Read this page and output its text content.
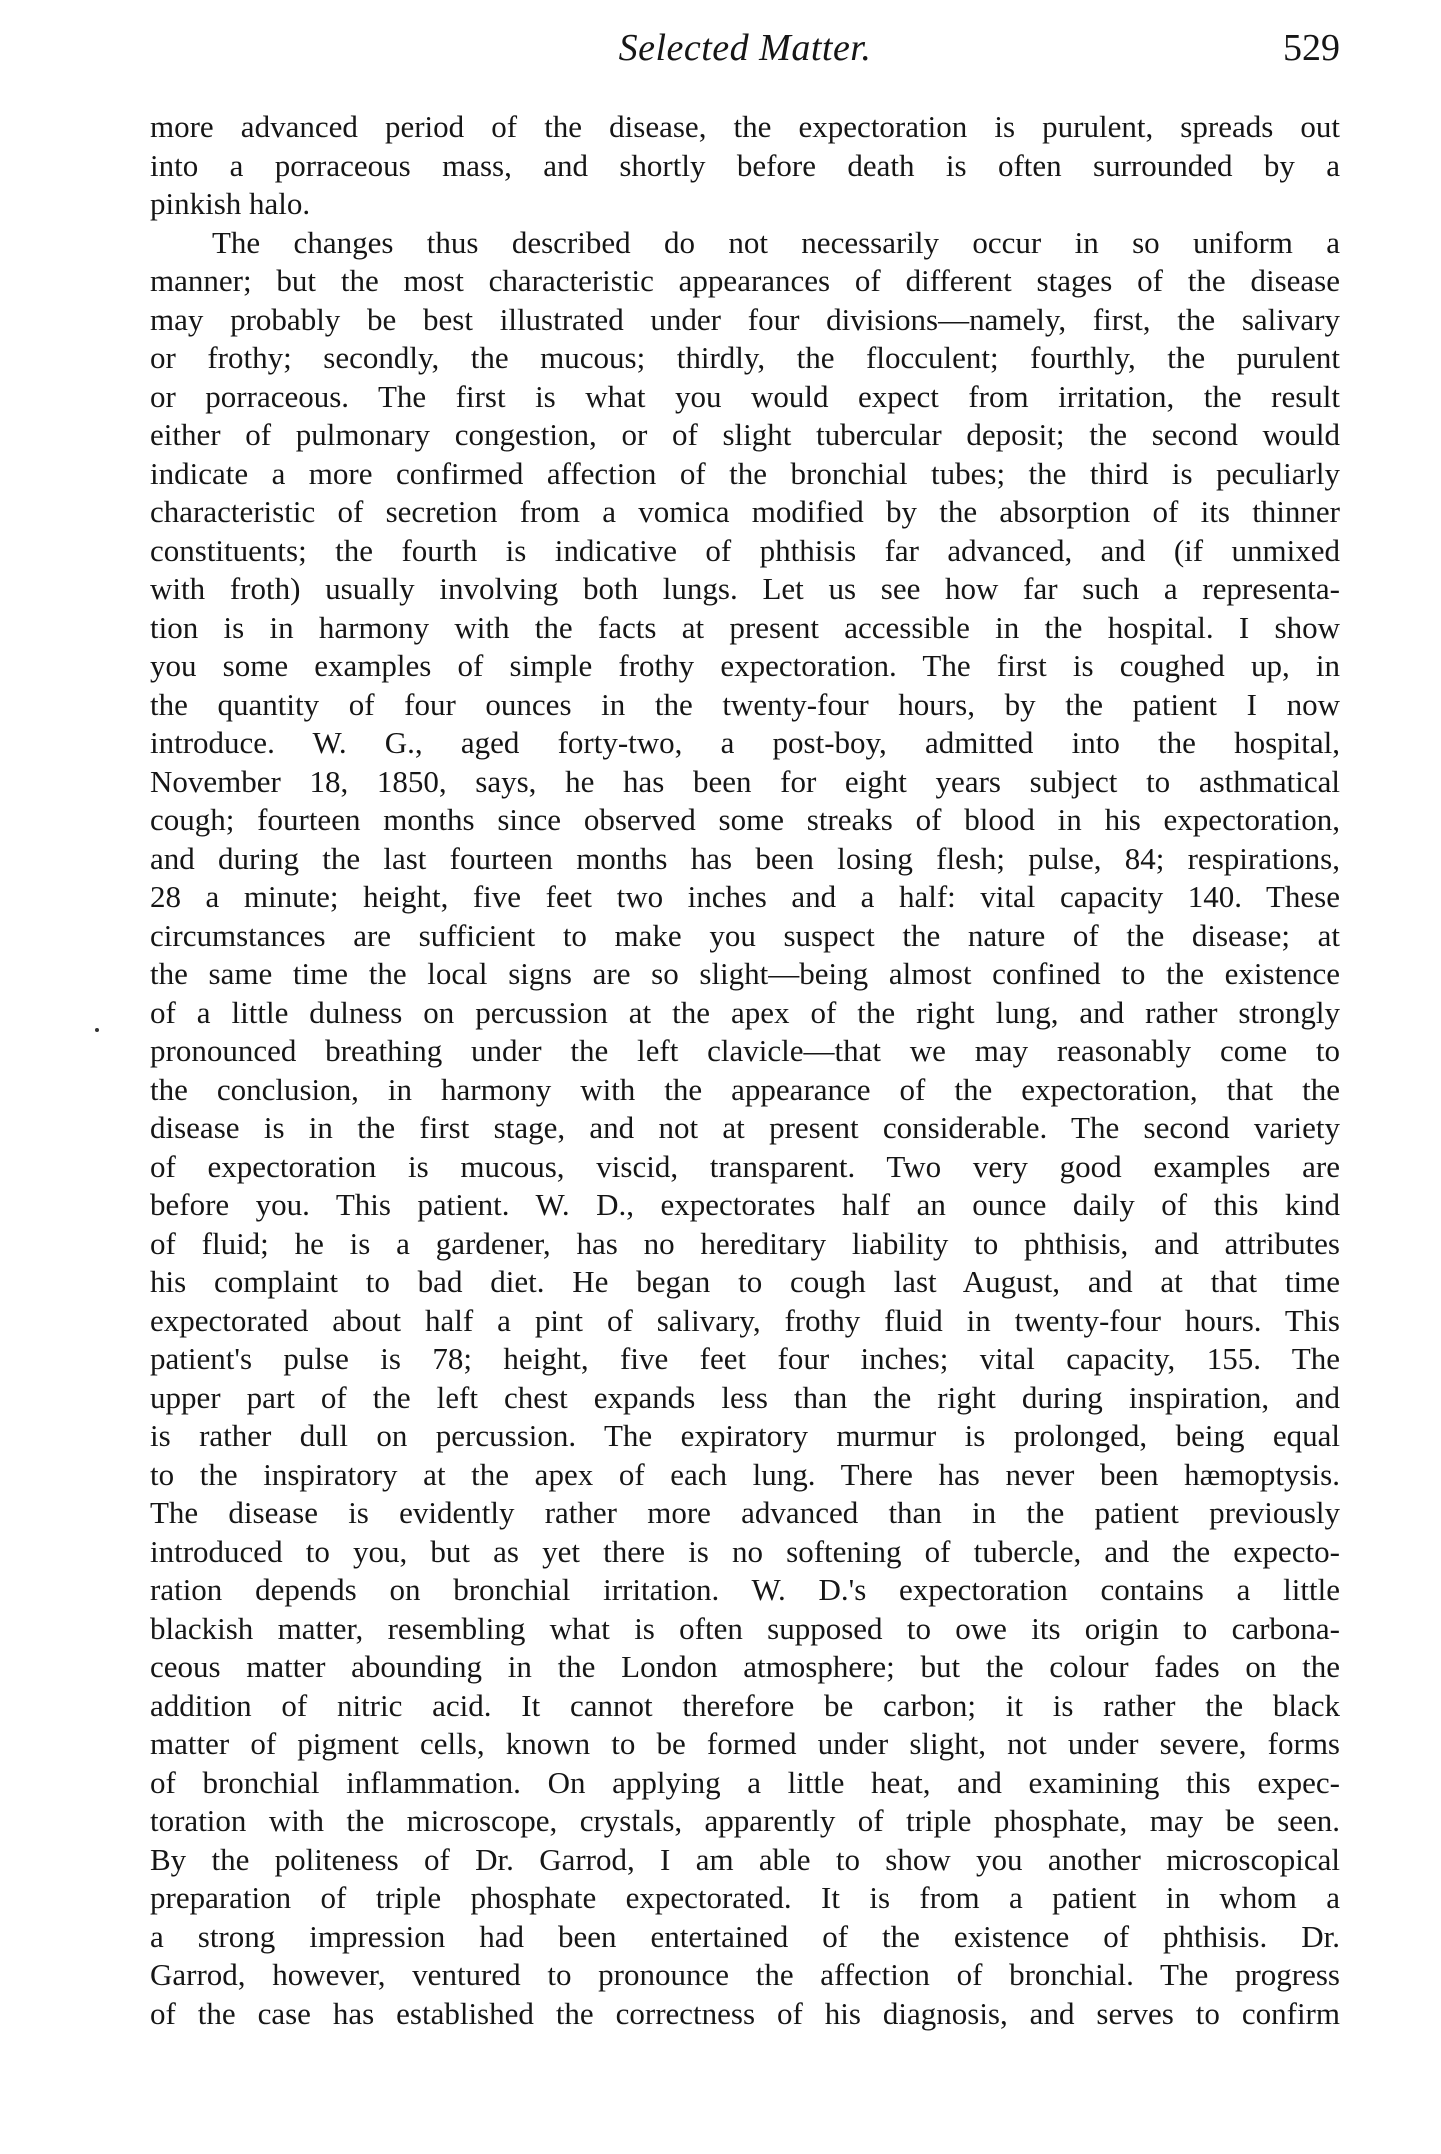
Selected Matter.	529
more advanced period of the disease, the expectoration is purulent, spreads out
into a porraceous mass, and shortly before death is often surrounded by a
pinkish halo.
The changes thus described do not necessarily occur in so uniform a
manner; but the most characteristic appearances of different stages of the disease
may probably be best illustrated under four divisions—namely, first, the salivary
or frothy; secondly, the mucous; thirdly, the flocculent; fourthly, the purulent
or porraceous. The first is what you would expect from irritation, the result
either of pulmonary congestion, or of slight tubercular deposit; the second would
indicate a more confirmed affection of the bronchial tubes; the third is peculiarly
characteristic of secretion from a vomica modified by the absorption of its thinner
constituents; the fourth is indicative of phthisis far advanced, and (if unmixed
with froth) usually involving both lungs. Let us see how far such a representa-
tion is in harmony with the facts at present accessible in the hospital. I show
you some examples of simple frothy expectoration. The first is coughed up, in
the quantity of four ounces in the twenty-four hours, by the patient I now
introduce. W. G., aged forty-two, a post-boy, admitted into the hospital,
November 18, 1850, says, he has been for eight years subject to asthmatical
cough; fourteen months since observed some streaks of blood in his expectoration,
and during the last fourteen months has been losing flesh; pulse, 84; respirations,
28 a minute; height, five feet two inches and a half: vital capacity 140. These
circumstances are sufficient to make you suspect the nature of the disease; at
the same time the local signs are so slight—being almost confined to the existence
of a little dulness on percussion at the apex of the right lung, and rather strongly
pronounced breathing under the left clavicle—that we may reasonably come to
the conclusion, in harmony with the appearance of the expectoration, that the
disease is in the first stage, and not at present considerable. The second variety
of expectoration is mucous, viscid, transparent. Two very good examples are
before you. This patient. W. D., expectorates half an ounce daily of this kind
of fluid; he is a gardener, has no hereditary liability to phthisis, and attributes
his complaint to bad diet. He began to cough last August, and at that time
expectorated about half a pint of salivary, frothy fluid in twenty-four hours. This
patient's pulse is 78; height, five feet four inches; vital capacity, 155. The
upper part of the left chest expands less than the right during inspiration, and
is rather dull on percussion. The expiratory murmur is prolonged, being equal
to the inspiratory at the apex of each lung. There has never been hæmoptysis.
The disease is evidently rather more advanced than in the patient previously
introduced to you, but as yet there is no softening of tubercle, and the expecto-
ration depends on bronchial irritation. W. D.'s expectoration contains a little
blackish matter, resembling what is often supposed to owe its origin to carbona-
ceous matter abounding in the London atmosphere; but the colour fades on the
addition of nitric acid. It cannot therefore be carbon; it is rather the black
matter of pigment cells, known to be formed under slight, not under severe, forms
of bronchial inflammation. On applying a little heat, and examining this expec-
toration with the microscope, crystals, apparently of triple phosphate, may be seen.
By the politeness of Dr. Garrod, I am able to show you another microscopical
preparation of triple phosphate expectorated. It is from a patient in whom a
a strong impression had been entertained of the existence of phthisis. Dr.
Garrod, however, ventured to pronounce the affection of bronchial. The progress
of the case has established the correctness of his diagnosis, and serves to confirm
